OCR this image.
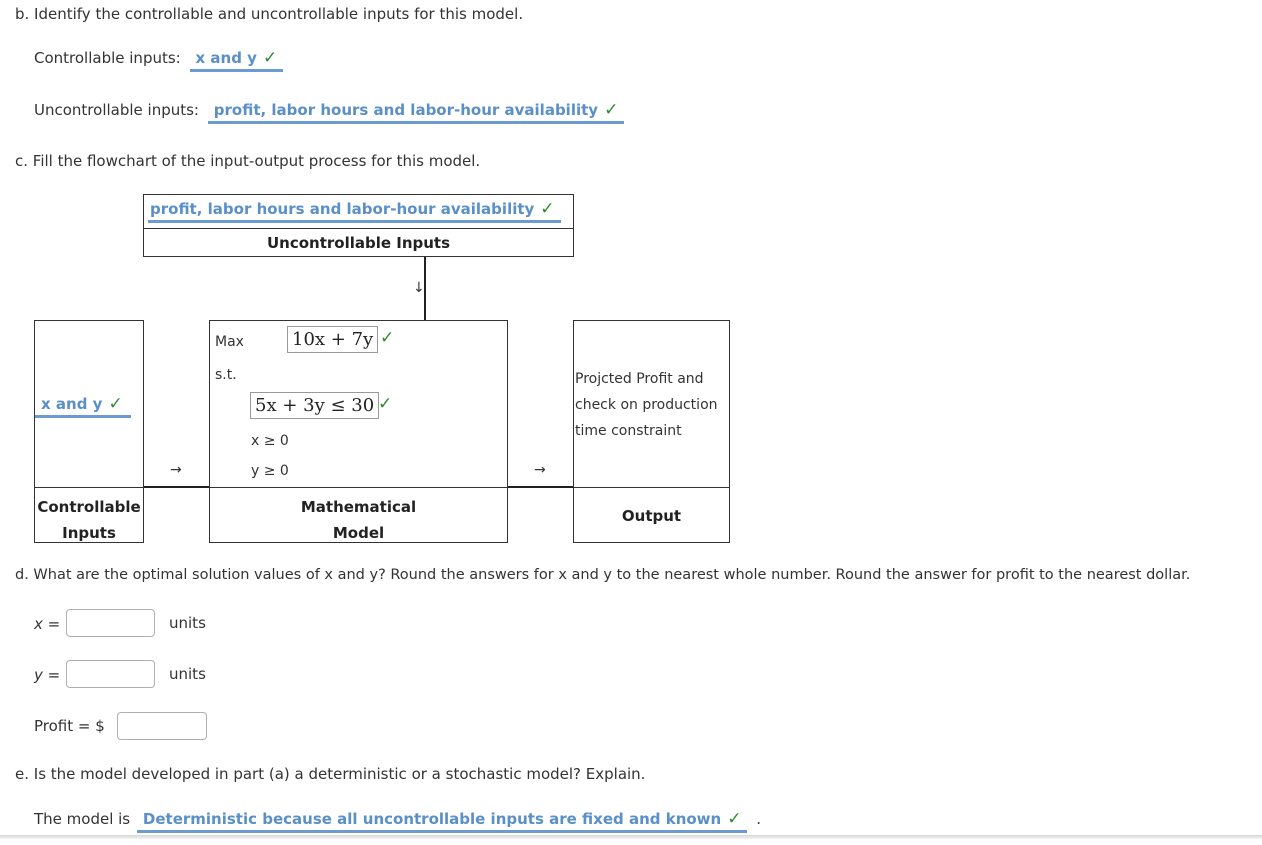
b. Identify the controllable and uncontrollable inputs for this model.
Controllable inputs: x and y ✓
Uncontrollable inputs: profit, labor hours and labor-hour availability ✓
c. Fill the flowchart of the input-output process for this model.
profit, labor hours and labor-hour availability ✓
Uncontrollable Inputs
↓
x and y ✓
Controllable
Inputs
→
Max	10x + 7y ✓
s.t.
5x + 3y ≤ 30 ✓
x ≥ 0
y ≥ 0
Mathematical
Model
→
Projcted Profit and check on production time constraint
Output
d. What are the optimal solution values of x and y? Round the answers for x and y to the nearest whole number. Round the answer for profit to the nearest dollar.
x =	units
y =	units
Profit = $
e. Is the model developed in part (a) a deterministic or a stochastic model? Explain.
The model is Deterministic because all uncontrollable inputs are fixed and known ✓ .
